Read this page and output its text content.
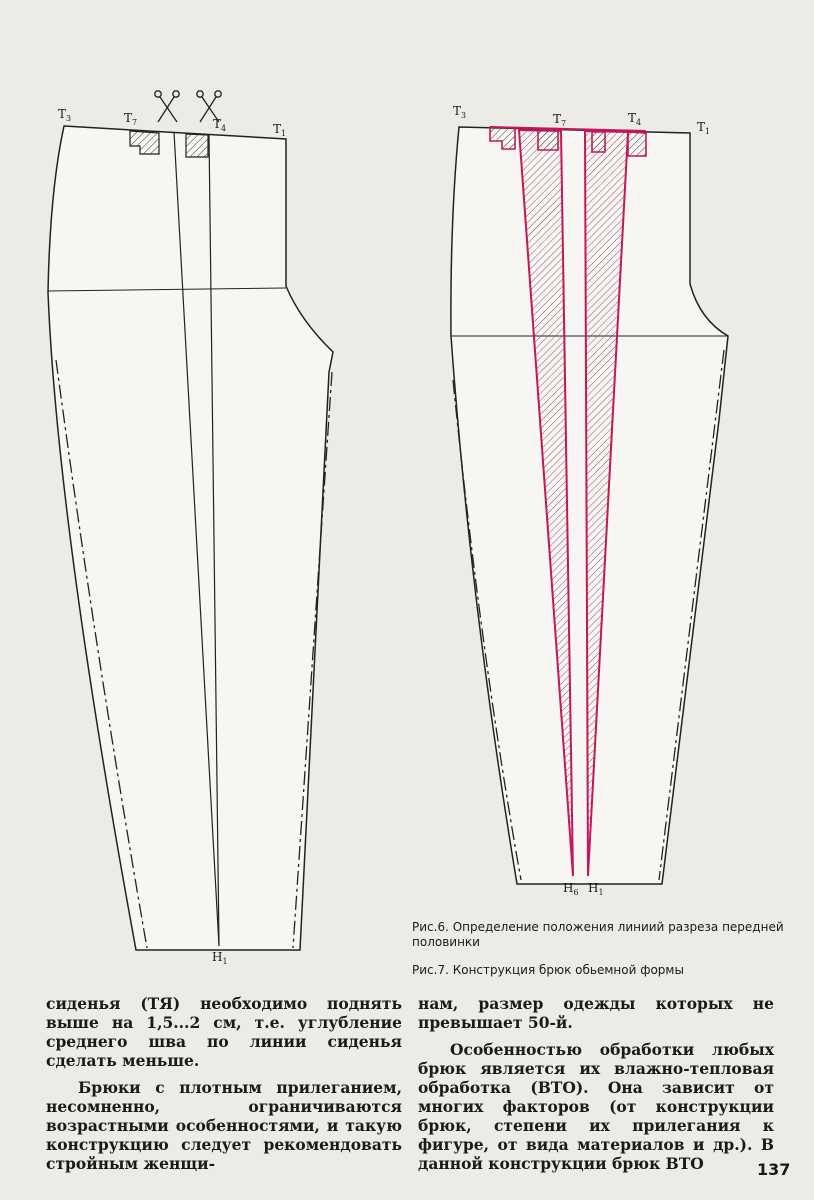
$T_3$	$T_7$	$T_4$	$T_1$
$H_1$
$T_3$	$T_7$	$T_4$	$T_1$
$H_6$ $H_1$
Рис.6. Определение положения линиий разреза передней половинки
Рис.7. Конструкция брюк обьемной формы

сиденья (ТЯ) необходимо поднять выше на 1,5...2 см, т.е. углубление среднего шва по линии сиденья сделать меньше.

Брюки с плотным прилеганием, несомненно, ограничиваются возрастными особенностями, и такую конструкцию следует рекомендовать стройным женщи-

нам, размер одежды которых не превышает 50-й.

Особенностью обработки любых брюк является их влажно-тепловая обработка (ВТО). Она зависит от многих факторов (от конструкции брюк, степени их прилегания к фигуре, от вида материалов и др.). В данной конструкции брюк ВТО	137
